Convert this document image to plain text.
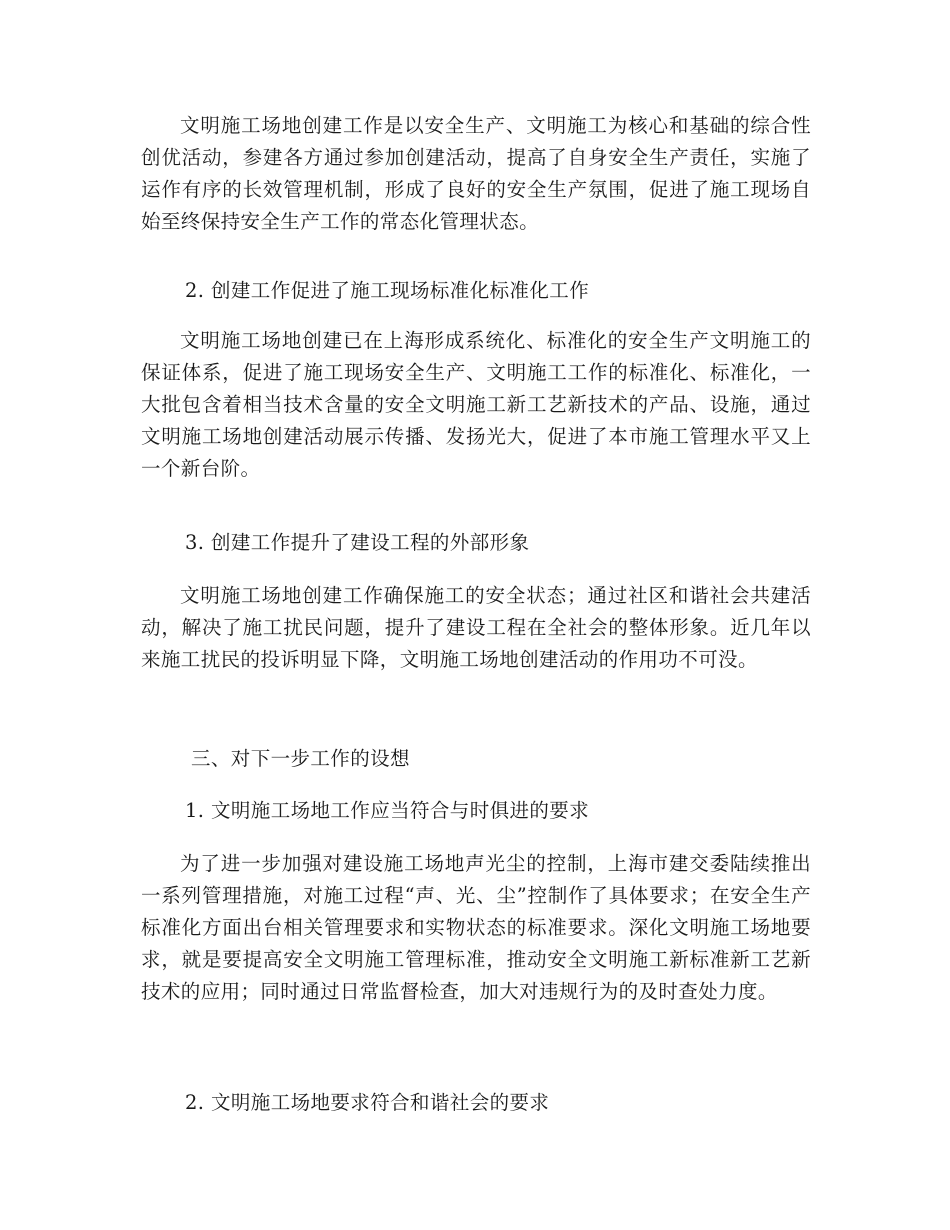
文明施工场地创建工作是以安全生产、文明施工为核心和基础的综合性创优活动，参建各方通过参加创建活动，提高了自身安全生产责任，实施了运作有序的长效管理机制，形成了良好的安全生产氛围，促进了施工现场自始至终保持安全生产工作的常态化管理状态。

2. 创建工作促进了施工现场标准化标准化工作

文明施工场地创建已在上海形成系统化、标准化的安全生产文明施工的保证体系，促进了施工现场安全生产、文明施工工作的标准化、标准化，一大批包含着相当技术含量的安全文明施工新工艺新技术的产品、设施，通过文明施工场地创建活动展示传播、发扬光大，促进了本市施工管理水平又上一个新台阶。

3. 创建工作提升了建设工程的外部形象

文明施工场地创建工作确保施工的安全状态；通过社区和谐社会共建活动，解决了施工扰民问题，提升了建设工程在全社会的整体形象。近几年以来施工扰民的投诉明显下降，文明施工场地创建活动的作用功不可没。

三、对下一步工作的设想

1. 文明施工场地工作应当符合与时俱进的要求

为了进一步加强对建设施工场地声光尘的控制，上海市建交委陆续推出一系列管理措施，对施工过程“声、光、尘”控制作了具体要求；在安全生产标准化方面出台相关管理要求和实物状态的标准要求。深化文明施工场地要求，就是要提高安全文明施工管理标准，推动安全文明施工新标准新工艺新技术的应用；同时通过日常监督检查，加大对违规行为的及时查处力度。

2. 文明施工场地要求符合和谐社会的要求
